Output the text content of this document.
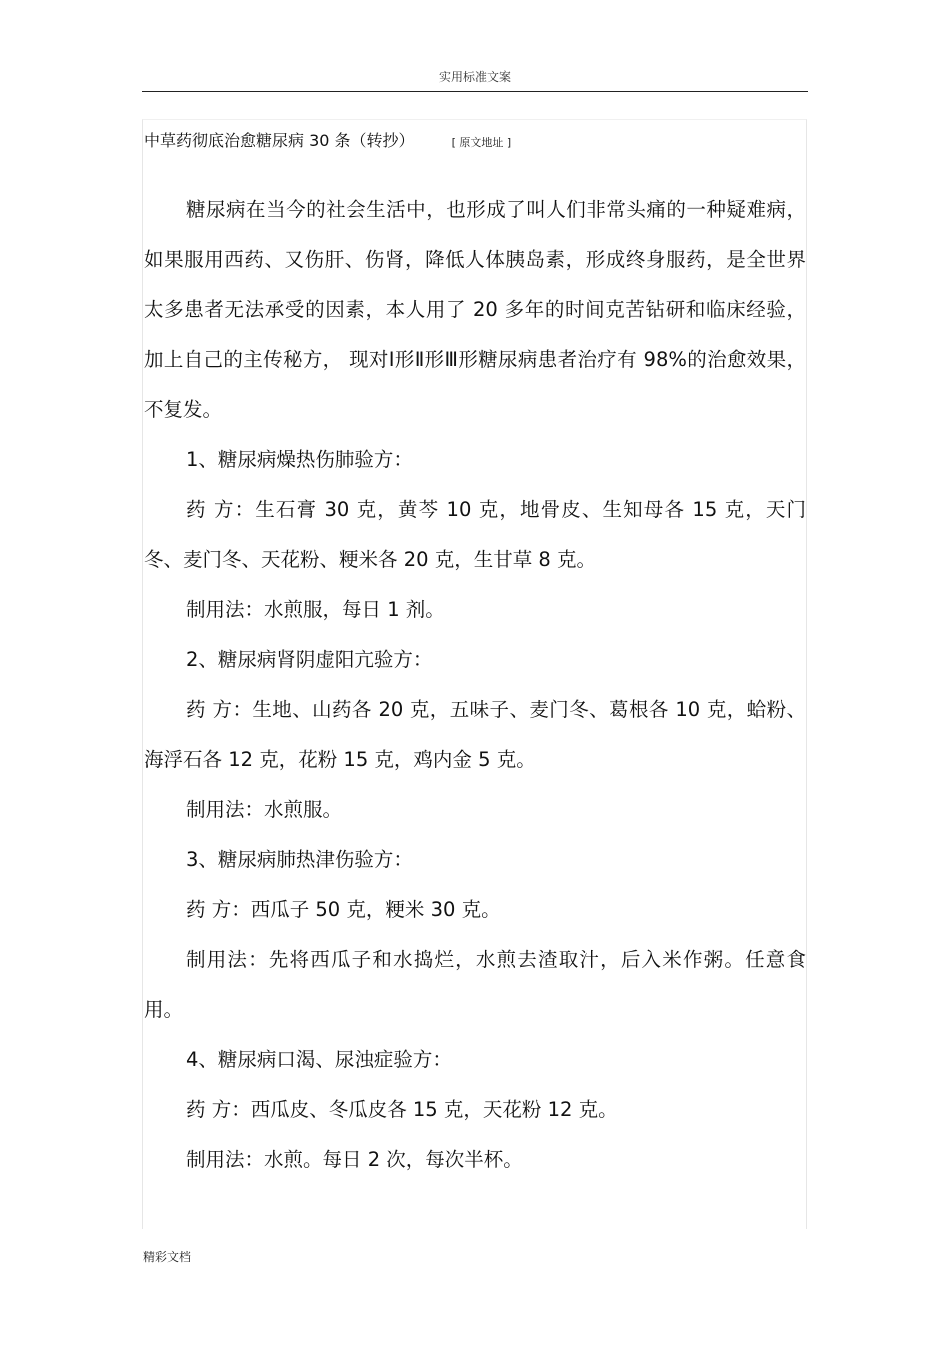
实用标准文案
中草药彻底治愈糖尿病 30 条（转抄）	[ 原文地址 ]

糖尿病在当今的社会生活中，也形成了叫人们非常头痛的一种疑难病，如果服用西药、又伤肝、伤肾，降低人体胰岛素，形成终身服药，是全世界太多患者无法承受的因素，本人用了 20 多年的时间克苦钻研和临床经验， 加上自己的主传秘方， 现对Ⅰ形Ⅱ形Ⅲ形糖尿病患者治疗有 98%的治愈效果，不复发。

1、糖尿病燥热伤肺验方：

药 方：生石膏 30 克，黄芩 10 克，地骨皮、生知母各 15 克，天门冬、麦门冬、天花粉、粳米各 20 克，生甘草 8 克。

制用法：水煎服，每日 1 剂。

2、糖尿病肾阴虚阳亢验方：

药 方：生地、山药各 20 克，五味子、麦门冬、葛根各 10 克，蛤粉、海浮石各 12 克，花粉 15 克，鸡内金 5 克。

制用法：水煎服。

3、糖尿病肺热津伤验方：

药 方：西瓜子 50 克，粳米 30 克。

制用法：先将西瓜子和水捣烂，水煎去渣取汁，后入米作粥。任意食用。

4、糖尿病口渴、尿浊症验方：

药 方：西瓜皮、冬瓜皮各 15 克，天花粉 12 克。

制用法：水煎。每日 2 次，每次半杯。

精彩文档
